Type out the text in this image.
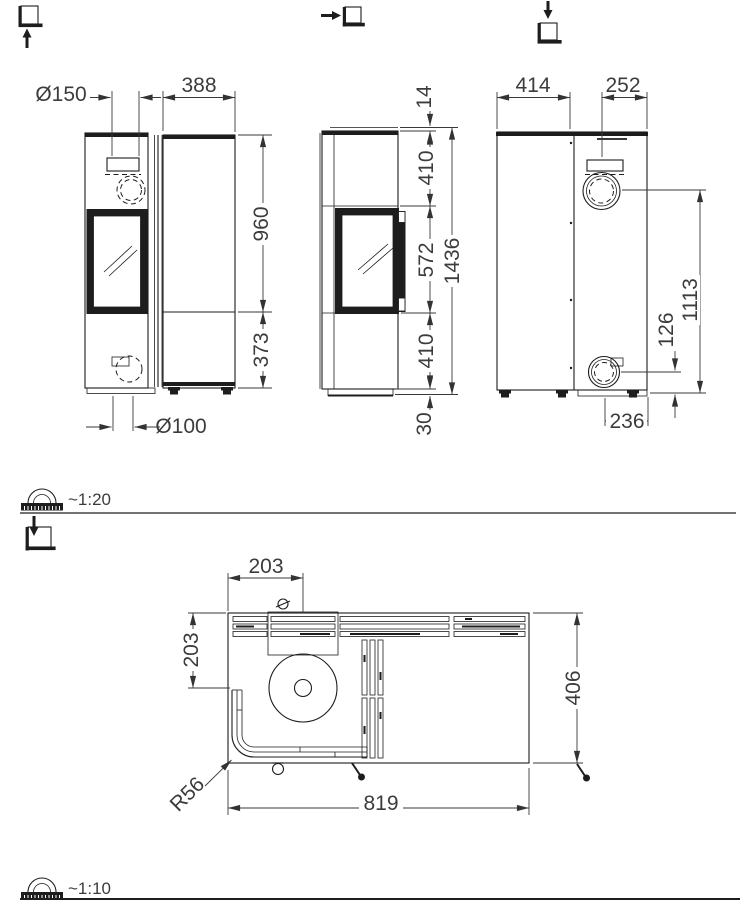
Ø150	388
960
373
Ø100
14
410
572
410
30
1436
414	252
126
1113
236
~1:20
203
203
R56	819
406
~1:10
